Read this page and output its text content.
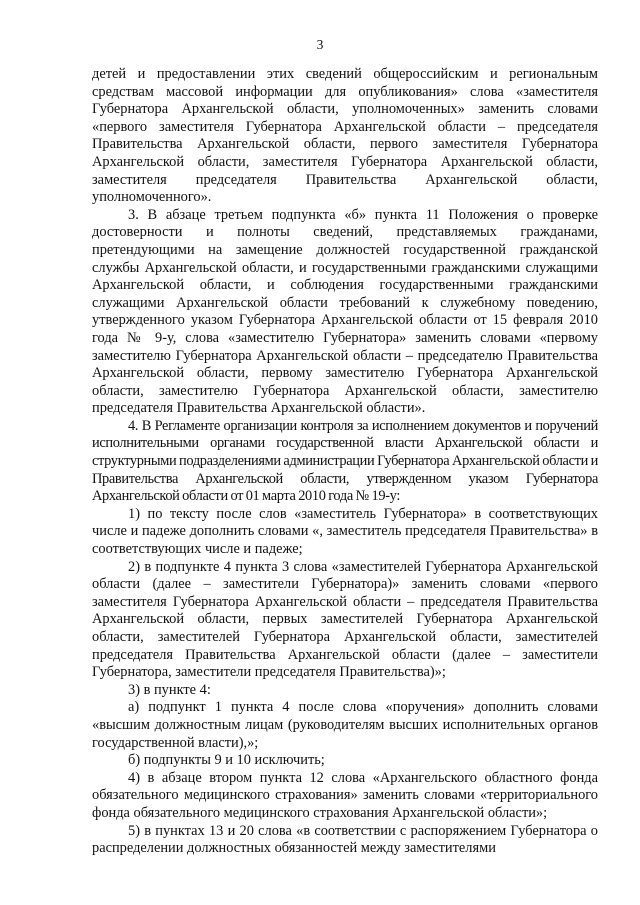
3

детей и предоставлении этих сведений общероссийским и региональным средствам массовой информации для опубликования» слова «заместителя Губернатора Архангельской области, уполномоченных» заменить словами «первого заместителя Губернатора Архангельской области – председателя Правительства Архангельской области, первого заместителя Губернатора Архангельской области, заместителя Губернатора Архангельской области, заместителя председателя Правительства Архангельской области, уполномоченного».

3. В абзаце третьем подпункта «б» пункта 11 Положения о проверке достоверности и полноты сведений, представляемых гражданами, претендующими на замещение должностей государственной гражданской службы Архангельской области, и государственными гражданскими служащими Архангельской области, и соблюдения государственными гражданскими служащими Архангельской области требований к служебному поведению, утвержденного указом Губернатора Архангельской области от 15 февраля 2010 года № 9-у, слова «заместителю Губернатора» заменить словами «первому заместителю Губернатора Архангельской области – председателю Правительства Архангельской области, первому заместителю Губернатора Архангельской области, заместителю Губернатора Архангельской области, заместителю председателя Правительства Архангельской области».

4. В Регламенте организации контроля за исполнением документов и поручений исполнительными органами государственной власти Архангельской области и структурными подразделениями администрации Губернатора Архангельской области и Правительства Архангельской области, утвержденном указом Губернатора Архангельской области от 01 марта 2010 года № 19-у:

1) по тексту после слов «заместитель Губернатора» в соответствующих числе и падеже дополнить словами «, заместитель председателя Правительства» в соответствующих числе и падеже;

2) в подпункте 4 пункта 3 слова «заместителей Губернатора Архангельской области (далее – заместители Губернатора)» заменить словами «первого заместителя Губернатора Архангельской области – председателя Правительства Архангельской области, первых заместителей Губернатора Архангельской области, заместителей Губернатора Архангельской области, заместителей председателя Правительства Архангельской области (далее – заместители Губернатора, заместители председателя Правительства)»;

3) в пункте 4:

а) подпункт 1 пункта 4 после слова «поручения» дополнить словами «высшим должностным лицам (руководителям высших исполнительных органов государственной власти),»;

б) подпункты 9 и 10 исключить;

4) в абзаце втором пункта 12 слова «Архангельского областного фонда обязательного медицинского страхования» заменить словами «территориального фонда обязательного медицинского страхования Архангельской области»;

5) в пунктах 13 и 20 слова «в соответствии с распоряжением Губернатора о распределении должностных обязанностей между заместителями
